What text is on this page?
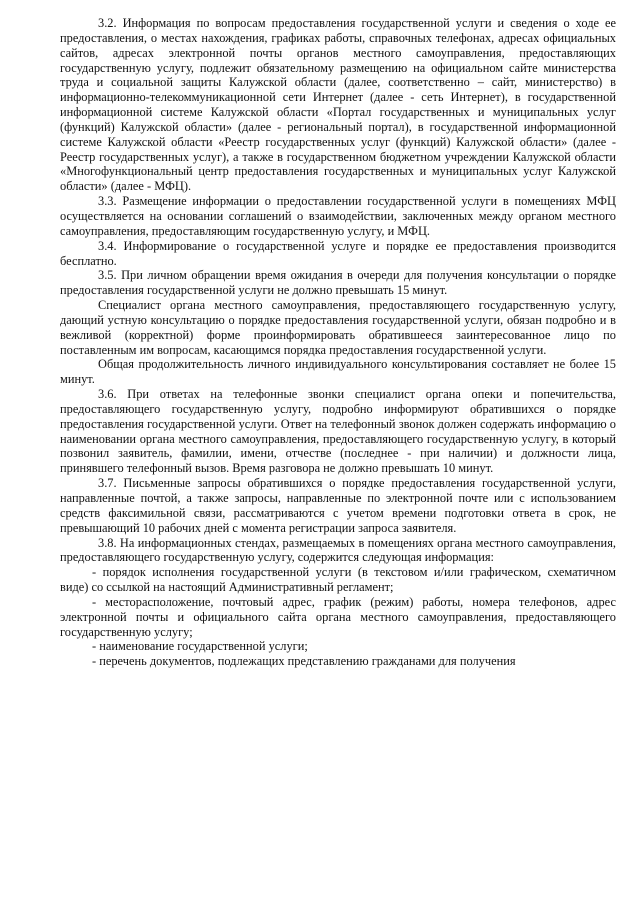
3.2. Информация по вопросам предоставления государственной услуги и сведения о ходе ее предоставления, о местах нахождения, графиках работы, справочных телефонах, адресах официальных сайтов, адресах электронной почты органов местного самоуправления, предоставляющих государственную услугу, подлежит обязательному размещению на официальном сайте министерства труда и социальной защиты Калужской области (далее, соответственно – сайт, министерство) в информационно-телекоммуникационной сети Интернет (далее - сеть Интернет), в государственной информационной системе Калужской области «Портал государственных и муниципальных услуг (функций) Калужской области» (далее - региональный портал), в государственной информационной системе Калужской области «Реестр государственных услуг (функций) Калужской области» (далее - Реестр государственных услуг), а также в государственном бюджетном учреждении Калужской области «Многофункциональный центр предоставления государственных и муниципальных услуг Калужской области» (далее - МФЦ).

3.3. Размещение информации о предоставлении государственной услуги в помещениях МФЦ осуществляется на основании соглашений о взаимодействии, заключенных между органом местного самоуправления, предоставляющим государственную услугу, и МФЦ.

3.4. Информирование о государственной услуге и порядке ее предоставления производится бесплатно.

3.5. При личном обращении время ожидания в очереди для получения консультации о порядке предоставления государственной услуги не должно превышать 15 минут.

Специалист органа местного самоуправления, предоставляющего государственную услугу, дающий устную консультацию о порядке предоставления государственной услуги, обязан подробно и в вежливой (корректной) форме проинформировать обратившееся заинтересованное лицо по поставленным им вопросам, касающимся порядка предоставления государственной услуги.

Общая продолжительность личного индивидуального консультирования составляет не более 15 минут.

3.6. При ответах на телефонные звонки специалист органа опеки и попечительства, предоставляющего государственную услугу, подробно информируют обратившихся о порядке предоставления государственной услуги. Ответ на телефонный звонок должен содержать информацию о наименовании органа местного самоуправления, предоставляющего государственную услугу, в который позвонил заявитель, фамилии, имени, отчестве (последнее - при наличии) и должности лица, принявшего телефонный вызов. Время разговора не должно превышать 10 минут.

3.7. Письменные запросы обратившихся о порядке предоставления государственной услуги, направленные почтой, а также запросы, направленные по электронной почте или с использованием средств факсимильной связи, рассматриваются с учетом времени подготовки ответа в срок, не превышающий 10 рабочих дней с момента регистрации запроса заявителя.

3.8. На информационных стендах, размещаемых в помещениях органа местного самоуправления, предоставляющего государственную услугу, содержится следующая информация:

- порядок исполнения государственной услуги (в текстовом и/или графическом, схематичном виде) со ссылкой на настоящий Административный регламент;

- месторасположение, почтовый адрес, график (режим) работы, номера телефонов, адрес электронной почты и официального сайта органа местного самоуправления, предоставляющего государственную услугу;

- наименование государственной услуги;

- перечень документов, подлежащих представлению гражданами для получения
